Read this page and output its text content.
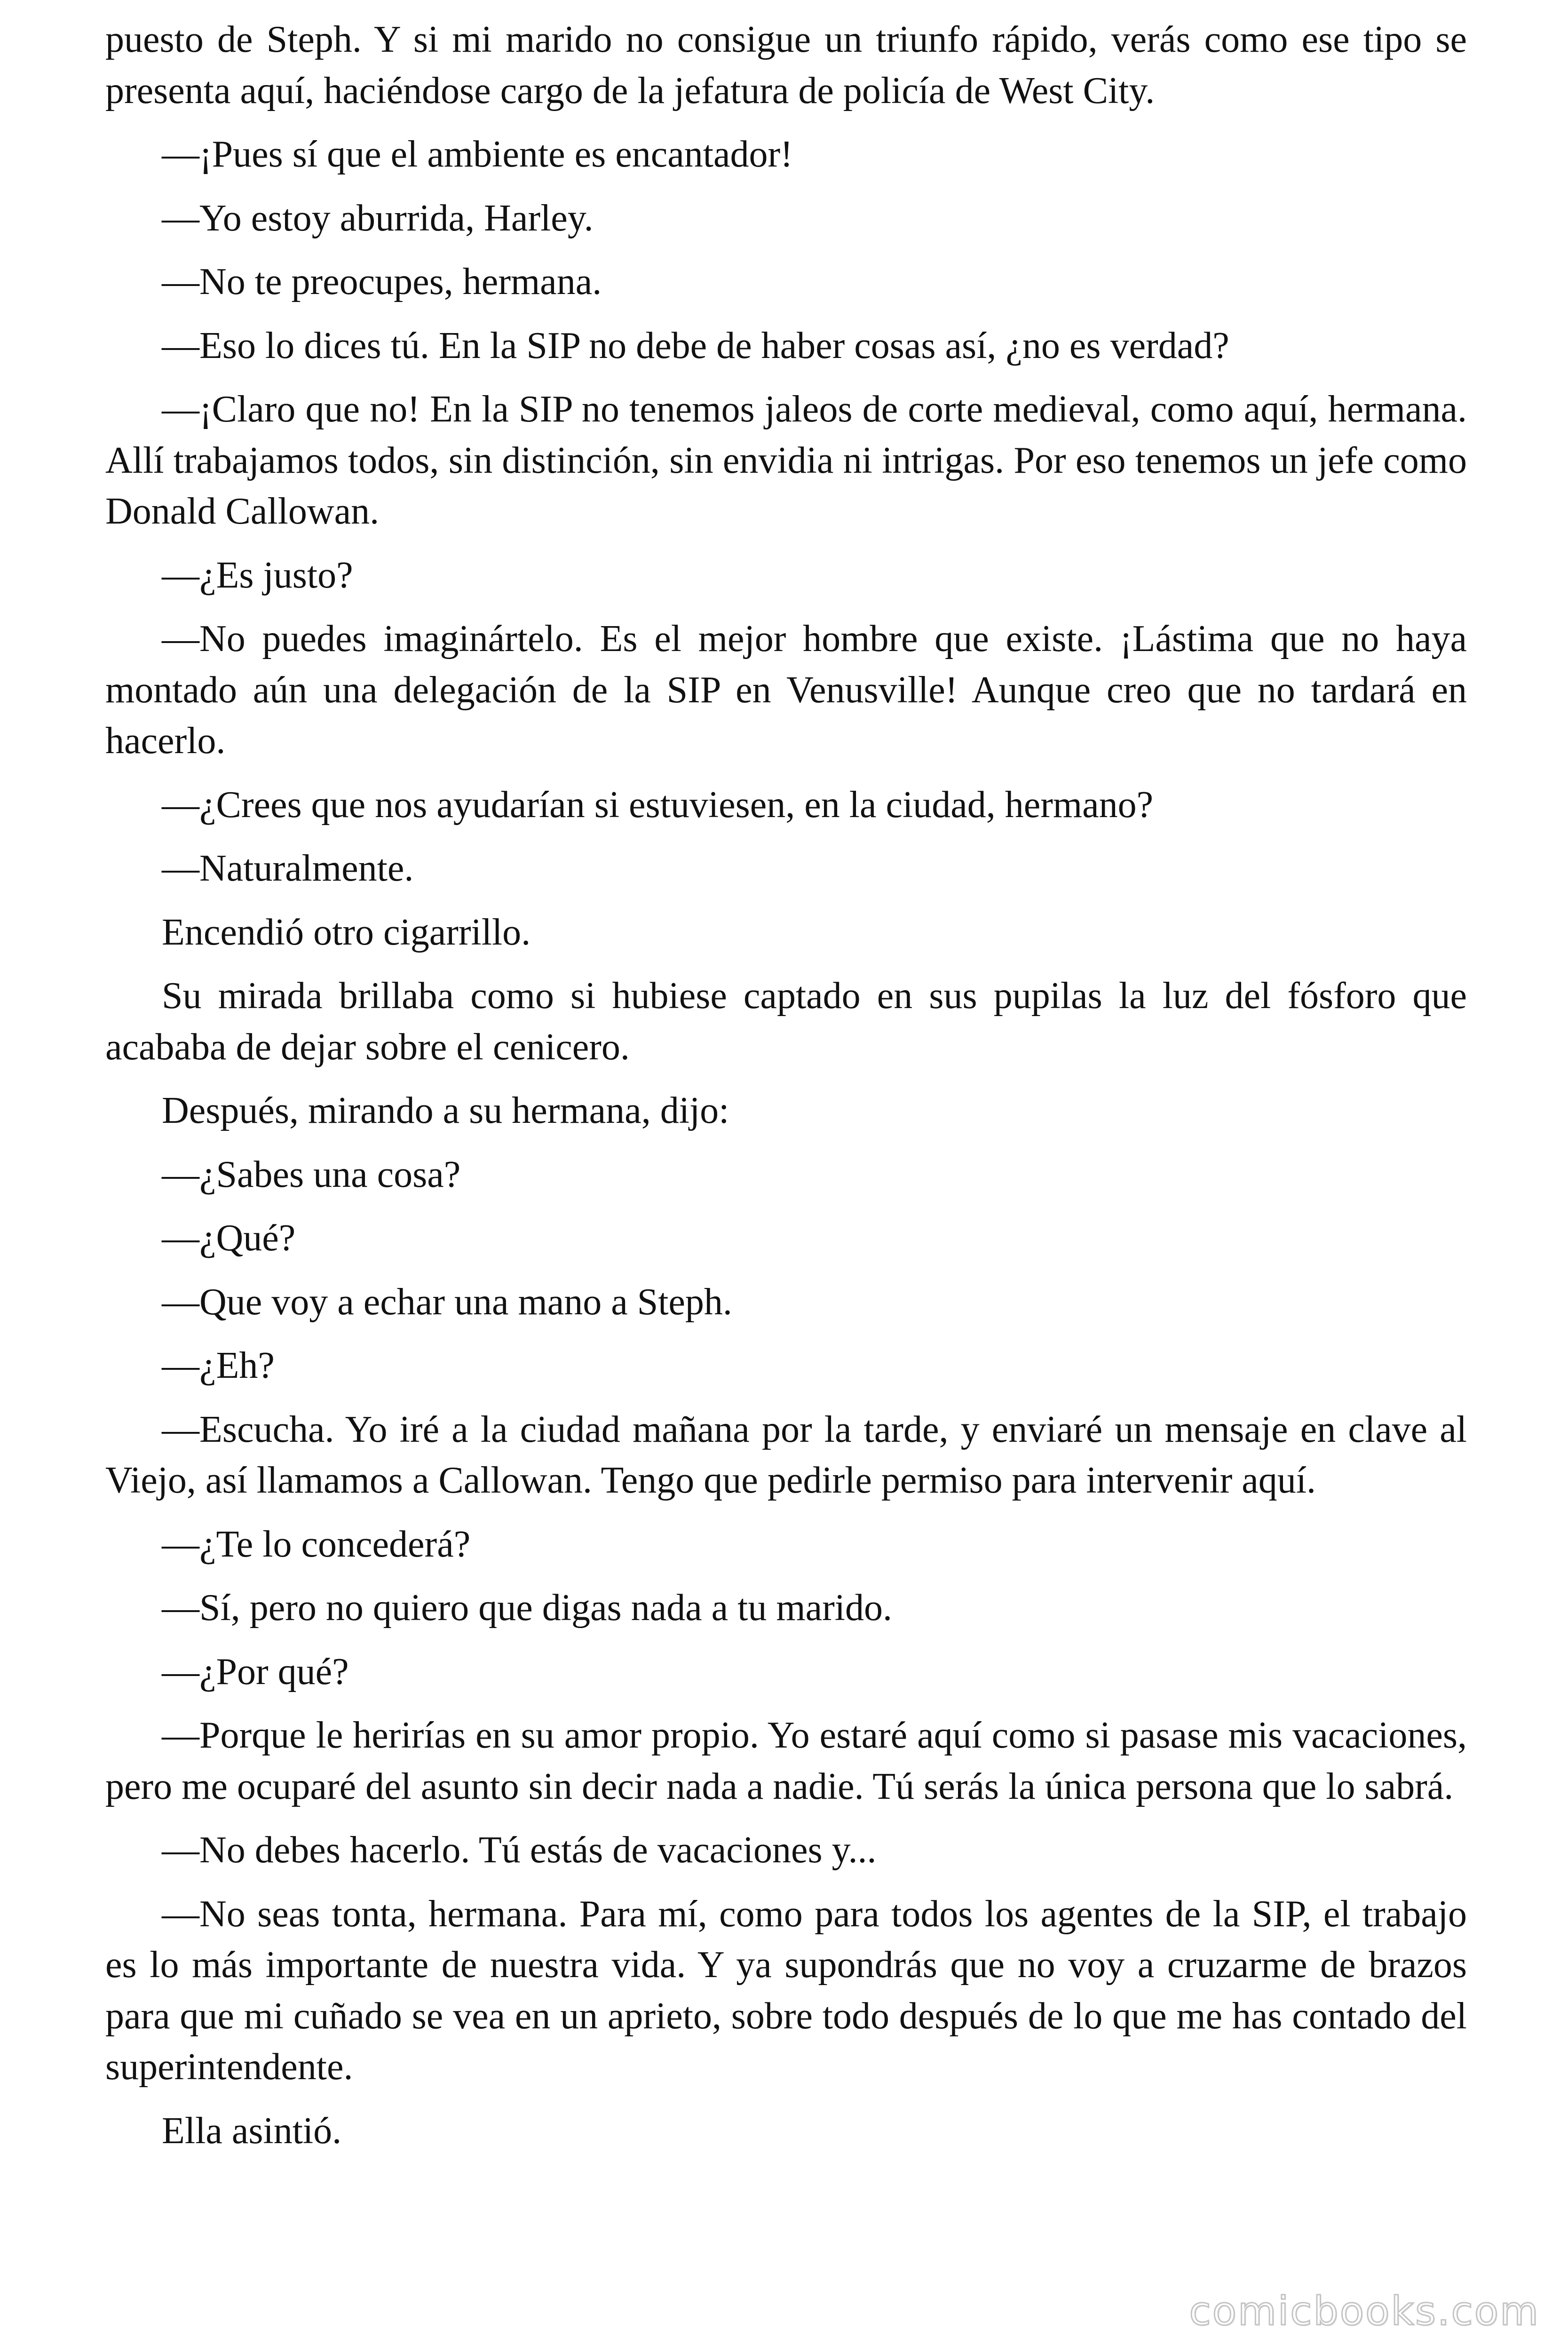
puesto de Steph. Y si mi marido no consigue un triunfo rápido, verás como ese tipo se presenta aquí, haciéndose cargo de la jefatura de policía de West City.

—¡Pues sí que el ambiente es encantador!

—Yo estoy aburrida, Harley.

—No te preocupes, hermana.

—Eso lo dices tú. En la SIP no debe de haber cosas así, ¿no es verdad?

—¡Claro que no! En la SIP no tenemos jaleos de corte medieval, como aquí, hermana. Allí trabajamos todos, sin distinción, sin envidia ni intrigas. Por eso tenemos un jefe como Donald Callowan.

—¿Es justo?

—No puedes imaginártelo. Es el mejor hombre que existe. ¡Lástima que no haya montado aún una delegación de la SIP en Venusville! Aunque creo que no tardará en hacerlo.

—¿Crees que nos ayudarían si estuviesen, en la ciudad, hermano?

—Naturalmente.

Encendió otro cigarrillo.

Su mirada brillaba como si hubiese captado en sus pupilas la luz del fósforo que acababa de dejar sobre el cenicero.

Después, mirando a su hermana, dijo:

—¿Sabes una cosa?

—¿Qué?

—Que voy a echar una mano a Steph.

—¿Eh?

—Escucha. Yo iré a la ciudad mañana por la tarde, y enviaré un mensaje en clave al Viejo, así llamamos a Callowan. Tengo que pedirle permiso para intervenir aquí.

—¿Te lo concederá?

—Sí, pero no quiero que digas nada a tu marido.

—¿Por qué?

—Porque le herirías en su amor propio. Yo estaré aquí como si pasase mis vacaciones, pero me ocuparé del asunto sin decir nada a nadie. Tú serás la única persona que lo sabrá.

—No debes hacerlo. Tú estás de vacaciones y...

—No seas tonta, hermana. Para mí, como para todos los agentes de la SIP, el trabajo es lo más importante de nuestra vida. Y ya supondrás que no voy a cruzarme de brazos para que mi cuñado se vea en un aprieto, sobre todo después de lo que me has contado del superintendente.

Ella asintió.

comicbooks.com
